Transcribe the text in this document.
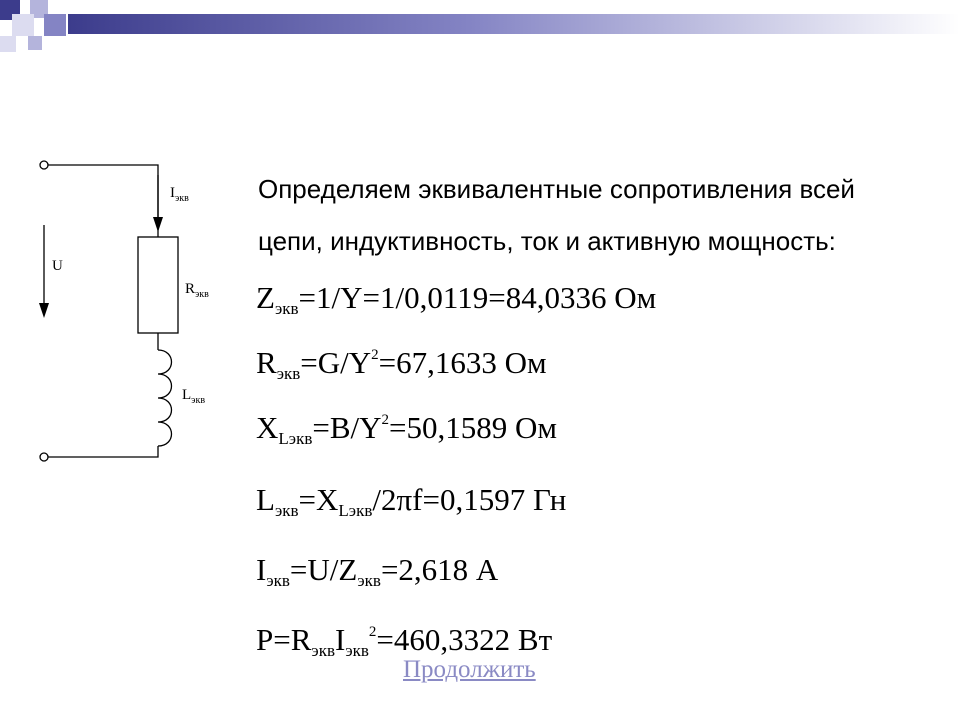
$I_{экв}$
U
$R_{экв}$
$L_{экв}$
Определяем эквивалентные сопротивления всей
цепи, индуктивность, ток и активную мощность:
$Z_{экв}=1/Y=1/0,0119=84,0336$ Ом
$R_{экв}=G/Y^2=67,1633$ Ом
$X_{Lэкв}=B/Y^2=50,1589$ Ом
$L_{экв}=X_{Lэкв}/2\pi f=0,1597$ Гн
$I_{экв}=U/Z_{экв}=2,618$ А
$P=R_{экв}I_{экв}^2=460,3322$ Вт
Продолжить
